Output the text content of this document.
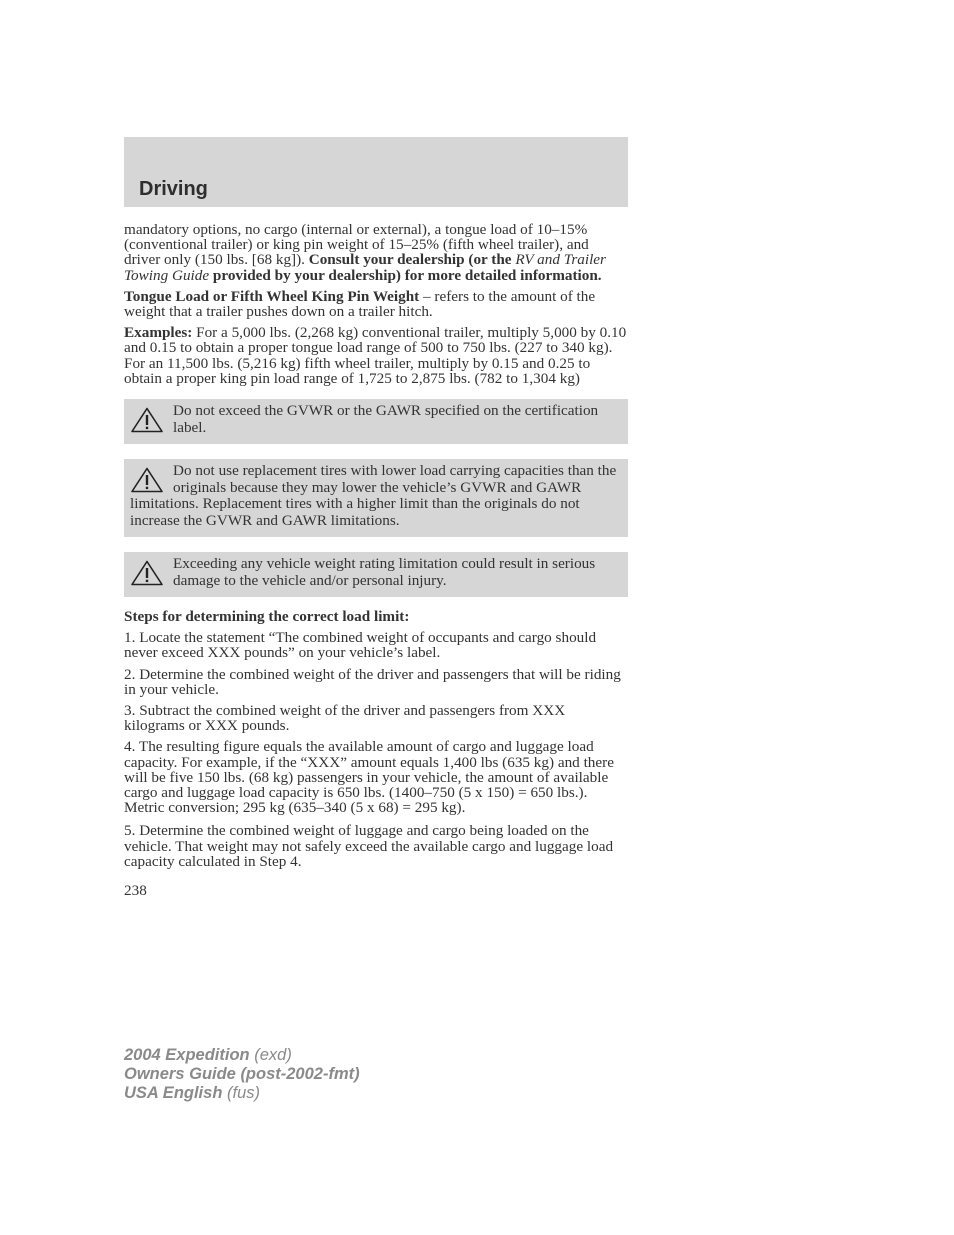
Driving

mandatory options, no cargo (internal or external), a tongue load of 10–15% (conventional trailer) or king pin weight of 15–25% (fifth wheel trailer), and driver only (150 lbs. [68 kg]). Consult your dealership (or the RV and Trailer Towing Guide provided by your dealership) for more detailed information.

Tongue Load or Fifth Wheel King Pin Weight – refers to the amount of the weight that a trailer pushes down on a trailer hitch.

Examples: For a 5,000 lbs. (2,268 kg) conventional trailer, multiply 5,000 by 0.10 and 0.15 to obtain a proper tongue load range of 500 to 750 lbs. (227 to 340 kg). For an 11,500 lbs. (5,216 kg) fifth wheel trailer, multiply by 0.15 and 0.25 to obtain a proper king pin load range of 1,725 to 2,875 lbs. (782 to 1,304 kg)

Do not exceed the GVWR or the GAWR specified on the certification label.
Do not use replacement tires with lower load carrying capacities than the originals because they may lower the vehicle’s GVWR and GAWR limitations. Replacement tires with a higher limit than the originals do not increase the GVWR and GAWR limitations.
Exceeding any vehicle weight rating limitation could result in serious damage to the vehicle and/or personal injury.

Steps for determining the correct load limit:

1. Locate the statement “The combined weight of occupants and cargo should never exceed XXX pounds” on your vehicle’s label.

2. Determine the combined weight of the driver and passengers that will be riding in your vehicle.

3. Subtract the combined weight of the driver and passengers from XXX kilograms or XXX pounds.

4. The resulting figure equals the available amount of cargo and luggage load capacity. For example, if the “XXX” amount equals 1,400 lbs (635 kg) and there will be five 150 lbs. (68 kg) passengers in your vehicle, the amount of available cargo and luggage load capacity is 650 lbs. (1400–750 (5 x 150) = 650 lbs.). Metric conversion; 295 kg (635–340 (5 x 68) = 295 kg).

5. Determine the combined weight of luggage and cargo being loaded on the vehicle. That weight may not safely exceed the available cargo and luggage load capacity calculated in Step 4.

238
2004 Expedition (exd)
Owners Guide (post-2002-fmt)
USA English (fus)
